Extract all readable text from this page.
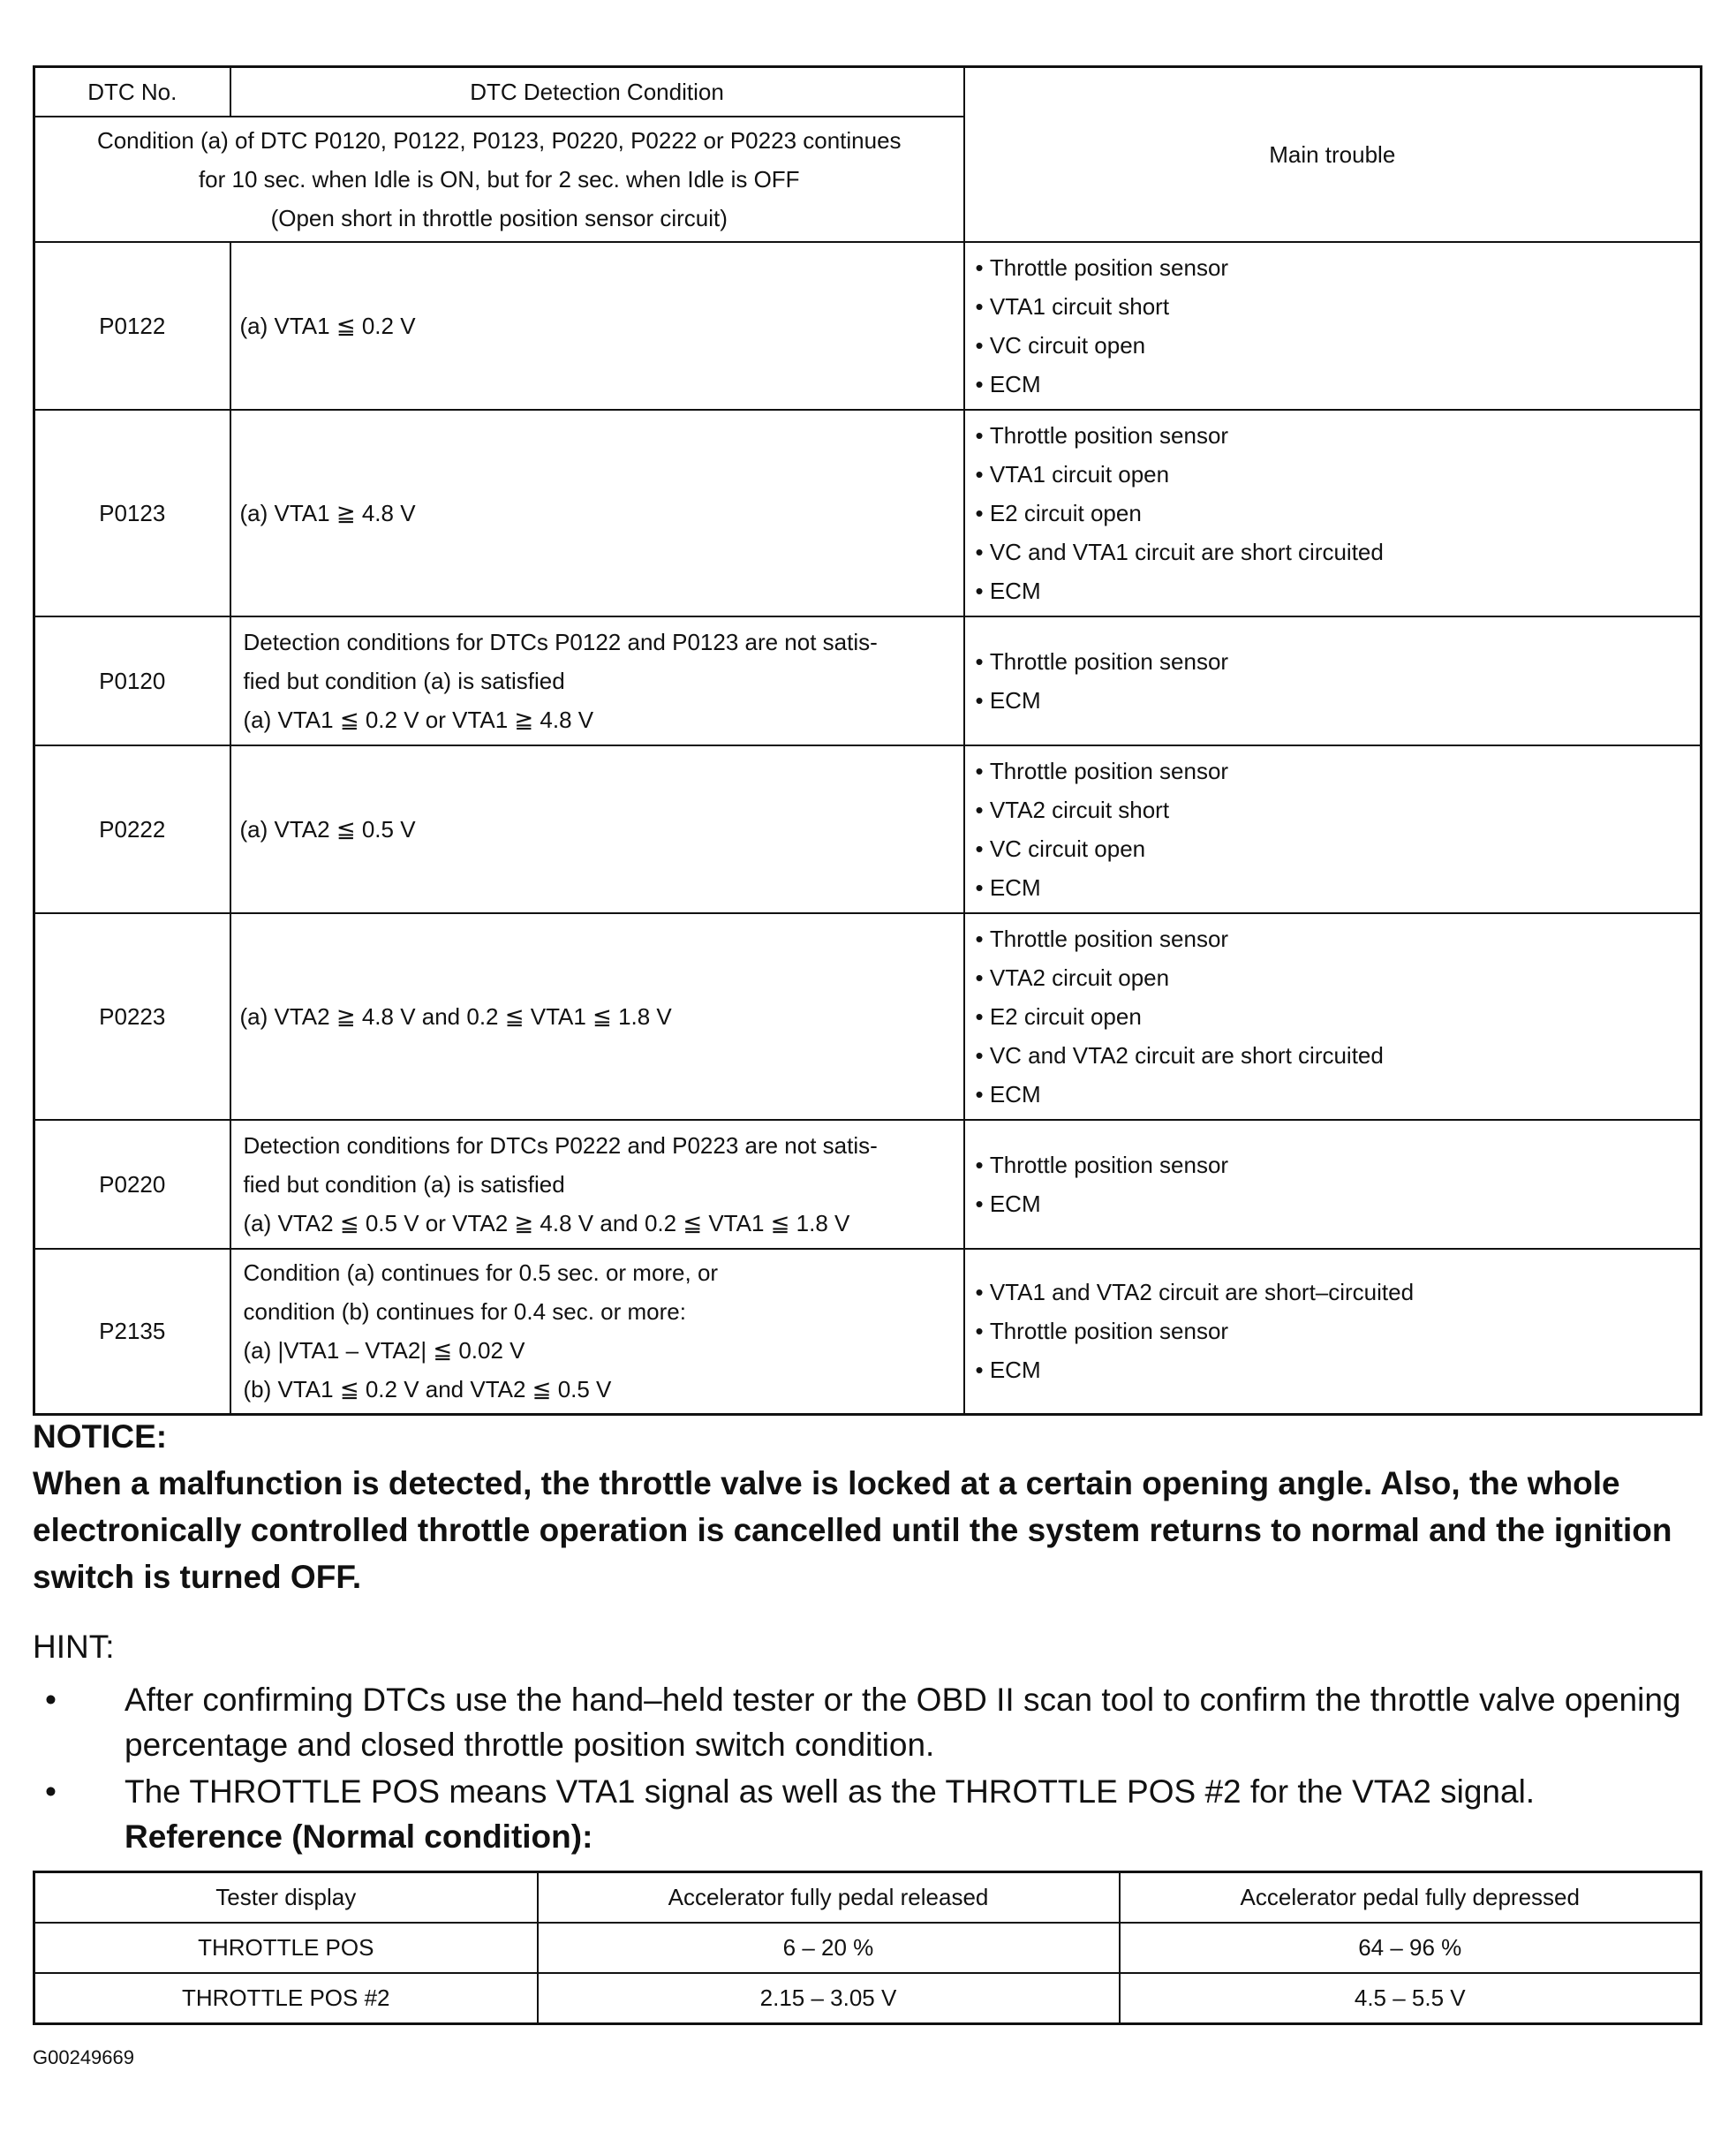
DTC No.	DTC Detection Condition	Main trouble

Condition (a) of DTC P0120, P0122, P0123, P0220, P0222 or P0223 continues
for 10 sec. when Idle is ON, but for 2 sec. when Idle is OFF
(Open short in throttle position sensor circuit)		

P0122	(a) VTA1 ≦ 0.2 V	• Throttle position sensor
• VTA1 circuit short
• VC circuit open
• ECM

P0123	(a) VTA1 ≧ 4.8 V	• Throttle position sensor
• VTA1 circuit open
• E2 circuit open
• VC and VTA1 circuit are short circuited
• ECM

P0120	Detection conditions for DTCs P0122 and P0123 are not satis-
fied but condition (a) is satisfied
(a) VTA1 ≦ 0.2 V or VTA1 ≧ 4.8 V	• Throttle position sensor
• ECM

P0222	(a) VTA2 ≦ 0.5 V	• Throttle position sensor
• VTA2 circuit short
• VC circuit open
• ECM

P0223	(a) VTA2 ≧ 4.8 V and 0.2 ≦ VTA1 ≦ 1.8 V	• Throttle position sensor
• VTA2 circuit open
• E2 circuit open
• VC and VTA2 circuit are short circuited
• ECM

P0220	Detection conditions for DTCs P0222 and P0223 are not satis-
fied but condition (a) is satisfied
(a) VTA2 ≦ 0.5 V or VTA2 ≧ 4.8 V and 0.2 ≦ VTA1 ≦ 1.8 V	• Throttle position sensor
• ECM

P2135	Condition (a) continues for 0.5 sec. or more, or
condition (b) continues for 0.4 sec. or more:
(a) |VTA1 – VTA2| ≦ 0.02 V
(b) VTA1 ≦ 0.2 V and VTA2 ≦ 0.5 V	• VTA1 and VTA2 circuit are short–circuited
• Throttle position sensor
• ECM
NOTICE:
When a malfunction is detected, the throttle valve is locked at a certain opening angle. Also, the whole electronically controlled throttle operation is cancelled until the system returns to normal and the ignition switch is turned OFF.
HINT:
• After confirming DTCs use the hand–held tester or the OBD II scan tool to confirm the throttle valve opening percentage and closed throttle position switch condition.
• The THROTTLE POS means VTA1 signal as well as the THROTTLE POS #2 for the VTA2 signal.
Reference (Normal condition):
Tester display	Accelerator fully pedal released	Accelerator pedal fully depressed
THROTTLE POS	6 – 20 %	64 – 96 %
THROTTLE POS #2	2.15 – 3.05 V	4.5 – 5.5 V
G00249669
